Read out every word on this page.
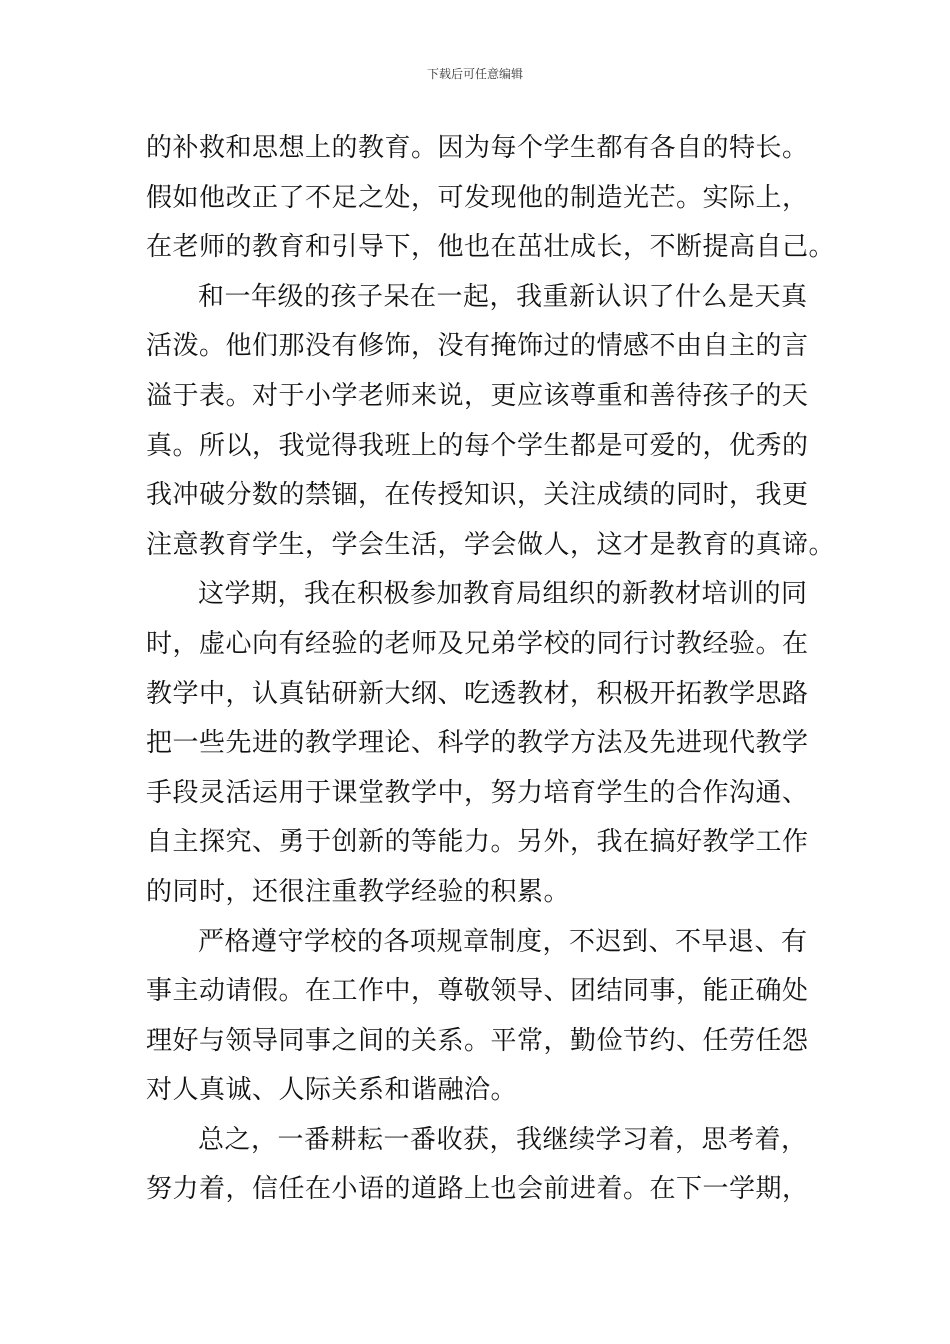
下载后可任意编辑
的补救和思想上的教育。因为每个学生都有各自的特长。
假如他改正了不足之处，可发现他的制造光芒。实际上，
在老师的教育和引导下，他也在茁壮成长，不断提高自己。
和一年级的孩子呆在一起，我重新认识了什么是天真
活泼。他们那没有修饰，没有掩饰过的情感不由自主的言
溢于表。对于小学老师来说，更应该尊重和善待孩子的天
真。所以，我觉得我班上的每个学生都是可爱的，优秀的
我冲破分数的禁锢，在传授知识，关注成绩的同时，我更
注意教育学生，学会生活，学会做人，这才是教育的真谛。
这学期，我在积极参加教育局组织的新教材培训的同
时，虚心向有经验的老师及兄弟学校的同行讨教经验。在
教学中，认真钻研新大纲、吃透教材，积极开拓教学思路
把一些先进的教学理论、科学的教学方法及先进现代教学
手段灵活运用于课堂教学中，努力培育学生的合作沟通、
自主探究、勇于创新的等能力。另外，我在搞好教学工作
的同时，还很注重教学经验的积累。
严格遵守学校的各项规章制度，不迟到、不早退、有
事主动请假。在工作中，尊敬领导、团结同事，能正确处
理好与领导同事之间的关系。平常，勤俭节约、任劳任怨
对人真诚、人际关系和谐融洽。
总之，一番耕耘一番收获，我继续学习着，思考着，
努力着，信任在小语的道路上也会前进着。在下一学期，
